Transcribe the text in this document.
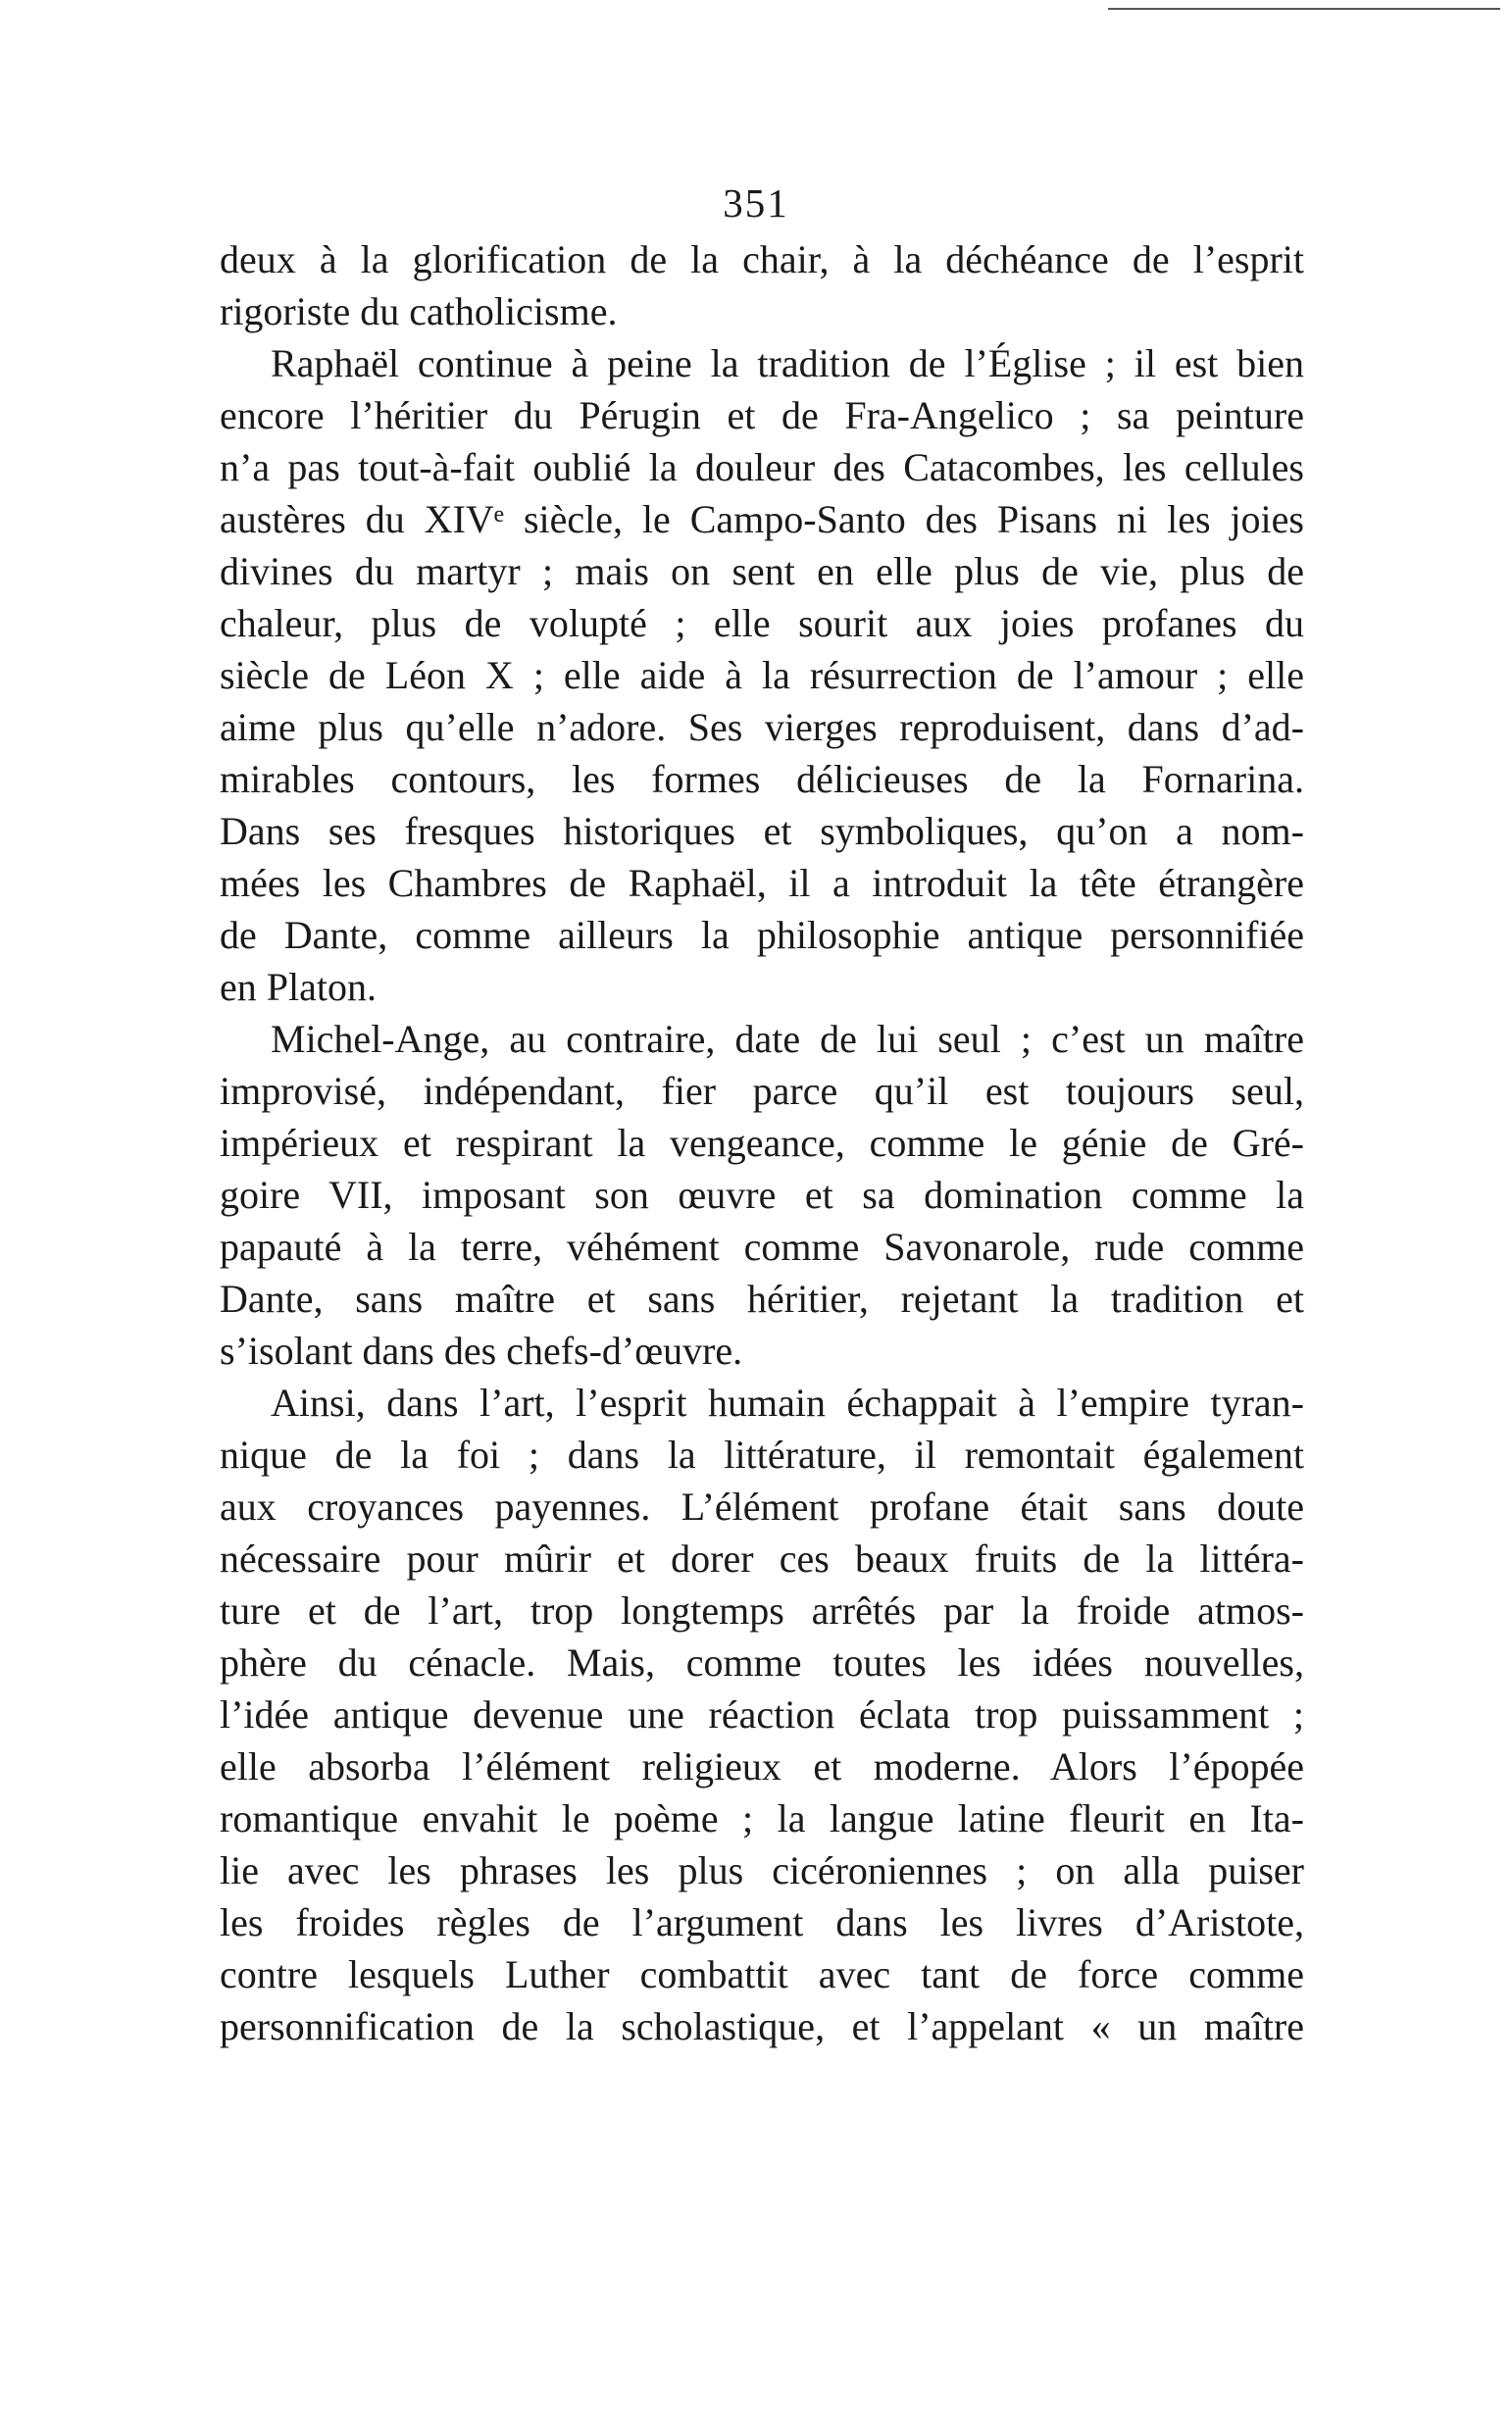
351
deux à la glorification de la chair, à la déchéance de l’esprit
rigoriste du catholicisme.
Raphaël continue à peine la tradition de l’Église ; il est bien
encore l’héritier du Pérugin et de Fra-Angelico ; sa peinture
n’a pas tout-à-fait oublié la douleur des Catacombes, les cellules
austères du XIVᵉ siècle, le Campo-Santo des Pisans ni les joies
divines du martyr ; mais on sent en elle plus de vie, plus de
chaleur, plus de volupté ; elle sourit aux joies profanes du
siècle de Léon X ; elle aide à la résurrection de l’amour ; elle
aime plus qu’elle n’adore. Ses vierges reproduisent, dans d’ad-
mirables contours, les formes délicieuses de la Fornarina.
Dans ses fresques historiques et symboliques, qu’on a nom-
mées les Chambres de Raphaël, il a introduit la tête étrangère
de Dante, comme ailleurs la philosophie antique personnifiée
en Platon.
Michel-Ange, au contraire, date de lui seul ; c’est un maître
improvisé, indépendant, fier parce qu’il est toujours seul,
impérieux et respirant la vengeance, comme le génie de Gré-
goire VII, imposant son œuvre et sa domination comme la
papauté à la terre, véhément comme Savonarole, rude comme
Dante, sans maître et sans héritier, rejetant la tradition et
s’isolant dans des chefs-d’œuvre.
Ainsi, dans l’art, l’esprit humain échappait à l’empire tyran-
nique de la foi ; dans la littérature, il remontait également
aux croyances payennes. L’élément profane était sans doute
nécessaire pour mûrir et dorer ces beaux fruits de la littéra-
ture et de l’art, trop longtemps arrêtés par la froide atmos-
phère du cénacle. Mais, comme toutes les idées nouvelles,
l’idée antique devenue une réaction éclata trop puissamment ;
elle absorba l’élément religieux et moderne. Alors l’épopée
romantique envahit le poème ; la langue latine fleurit en Ita-
lie avec les phrases les plus cicéroniennes ; on alla puiser
les froides règles de l’argument dans les livres d’Aristote,
contre lesquels Luther combattit avec tant de force comme
personnification de la scholastique, et l’appelant « un maître
